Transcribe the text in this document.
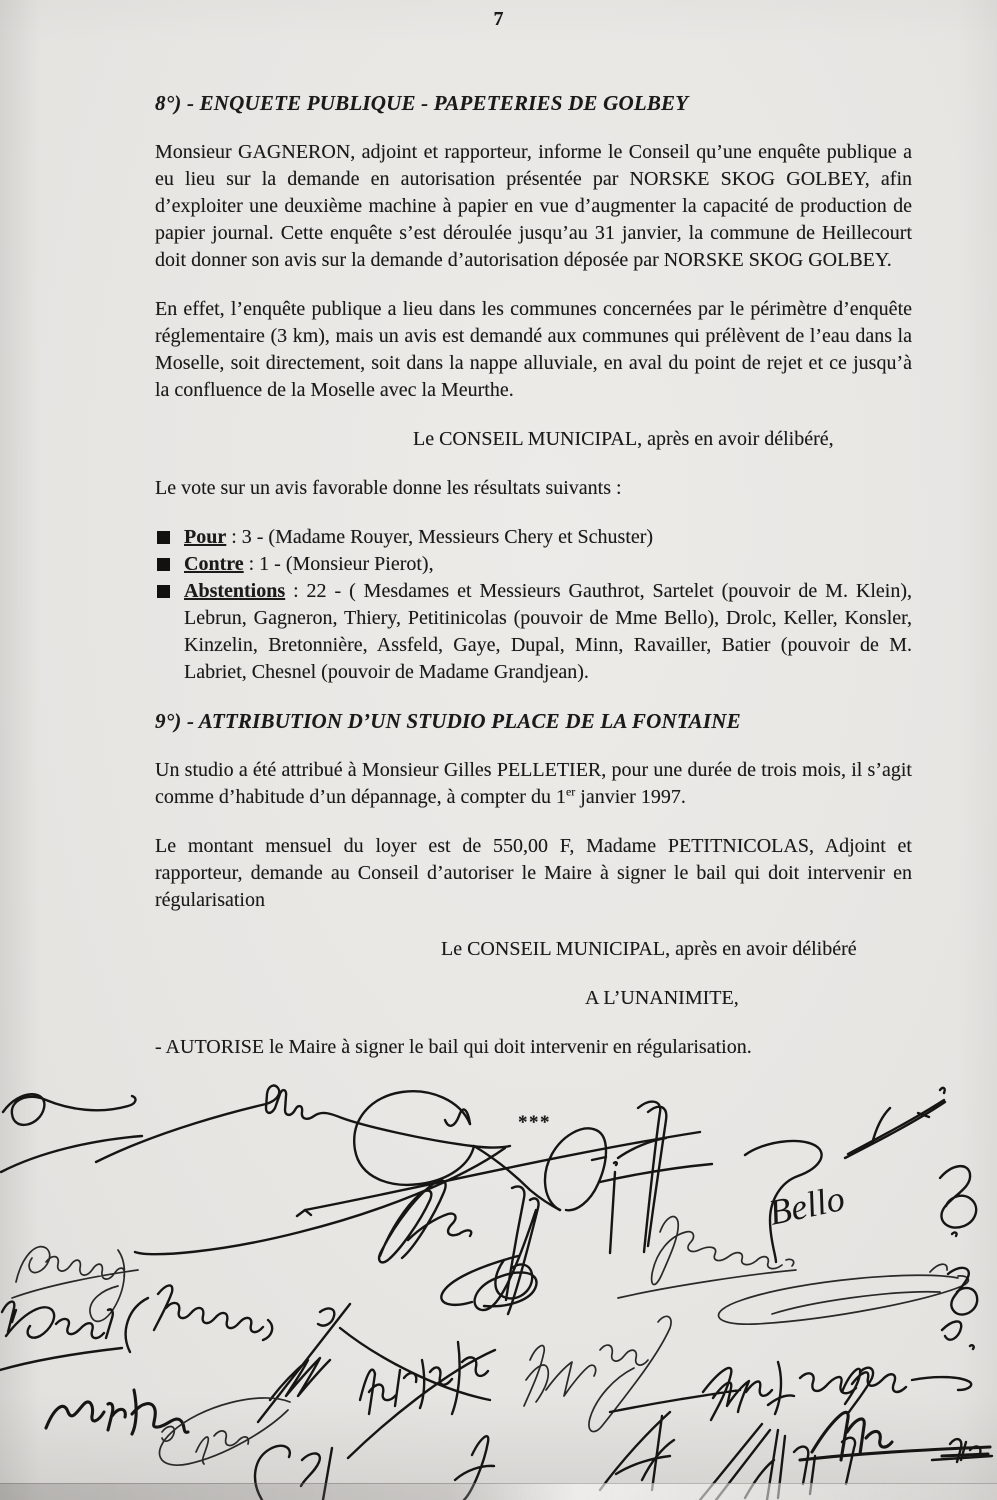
7
8°) - ENQUETE PUBLIQUE - PAPETERIES DE GOLBEY

Monsieur GAGNERON, adjoint et rapporteur, informe le Conseil qu’une enquête publique a eu lieu sur la demande en autorisation présentée par NORSKE SKOG GOLBEY, afin d’exploiter une deuxième machine à papier en vue d’augmenter la capacité de production de papier journal. Cette enquête s’est déroulée jusqu’au 31 janvier, la commune de Heillecourt doit donner son avis sur la demande d’autorisation déposée par NORSKE SKOG GOLBEY.

En effet, l’enquête publique a lieu dans les communes concernées par le périmètre d’enquête réglementaire (3 km), mais un avis est demandé aux communes qui prélèvent de l’eau dans la Moselle, soit directement, soit dans la nappe alluviale, en aval du point de rejet et ce jusqu’à la confluence de la Moselle avec la Meurthe.

Le CONSEIL MUNICIPAL, après en avoir délibéré,

Le vote sur un avis favorable donne les résultats suivants :

Pour : 3 - (Madame Rouyer, Messieurs Chery et Schuster)
Contre : 1 - (Monsieur Pierot),
Abstentions : 22 - ( Mesdames et Messieurs Gauthrot, Sartelet (pouvoir de M. Klein), Lebrun, Gagneron, Thiery, Petitinicolas (pouvoir de Mme Bello), Drolc, Keller, Konsler, Kinzelin, Bretonnière, Assfeld, Gaye, Dupal, Minn, Ravailler, Batier (pouvoir de M. Labriet, Chesnel (pouvoir de Madame Grandjean).
9°) - ATTRIBUTION D’UN STUDIO PLACE DE LA FONTAINE

Un studio a été attribué à Monsieur Gilles PELLETIER, pour une durée de trois mois, il s’agit comme d’habitude d’un dépannage, à compter du 1er janvier 1997.

Le montant mensuel du loyer est de 550,00 F, Madame PETITNICOLAS, Adjoint et rapporteur, demande au Conseil d’autoriser le Maire à signer le bail qui doit intervenir en régularisation

Le CONSEIL MUNICIPAL, après en avoir délibéré
A L’UNANIMITE,
- AUTORISE le Maire à signer le bail qui doit intervenir en régularisation.
***
Bello
